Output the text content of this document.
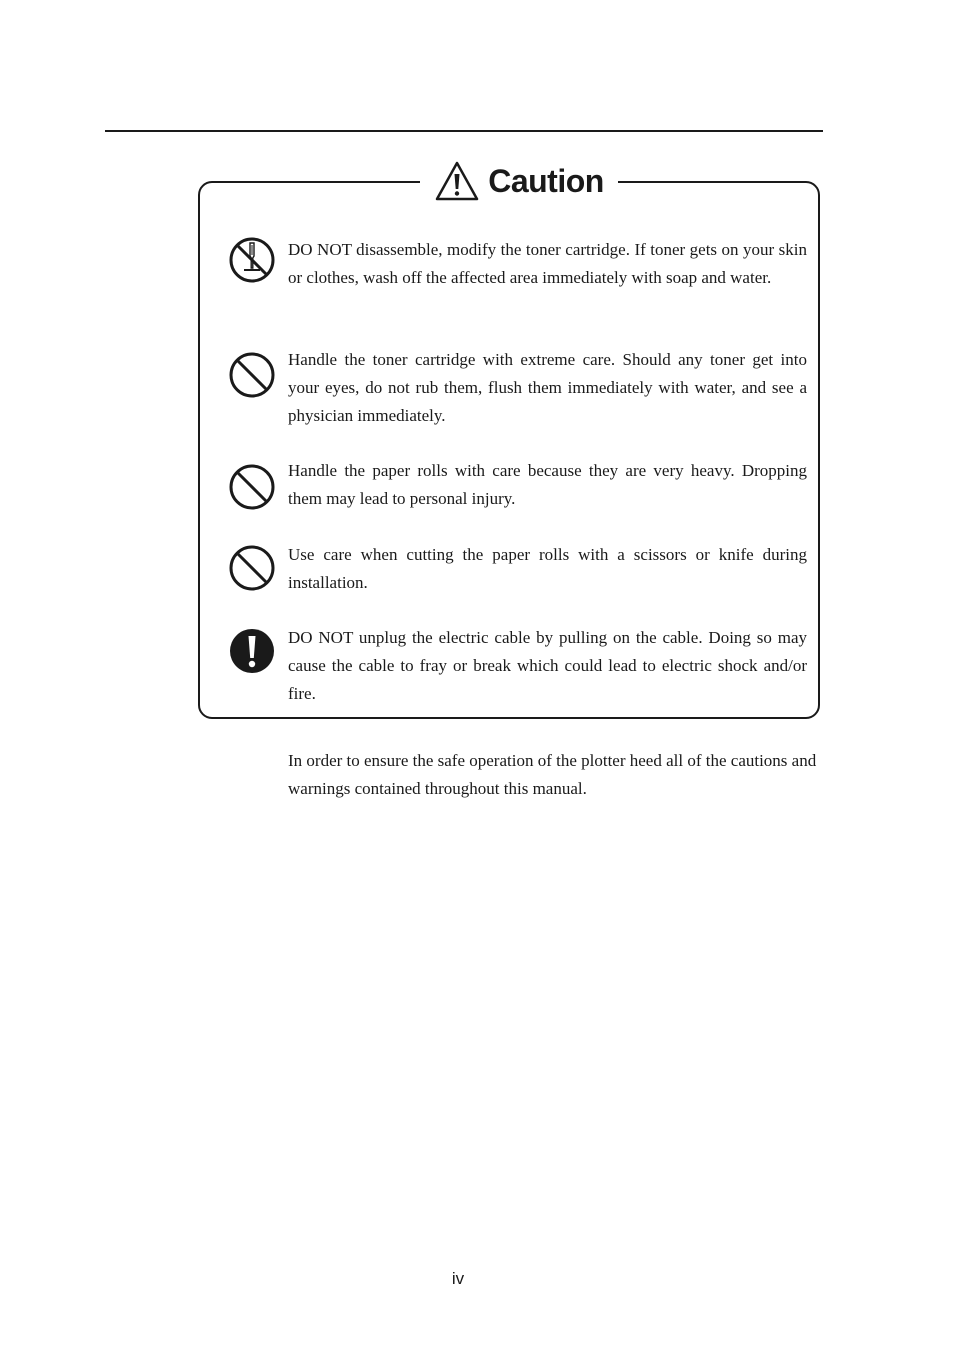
Caution
DO NOT disassemble, modify the toner cartridge. If toner gets on your skin or clothes, wash off the affected area immediately with soap and water.
Handle the toner cartridge with extreme care. Should any toner get into your eyes, do not rub them, flush them immediately with water, and see a physician immediately.
Handle the paper rolls with care because they are very heavy. Dropping them may lead to personal injury.
Use care when cutting the paper rolls with a scissors or knife during installation.
DO NOT unplug the electric cable by pulling on the cable. Doing so may cause the cable to fray or break which could lead to electric shock and/or fire.
In order to ensure the safe operation of the plotter heed all of the cautions and warnings contained throughout this manual.
iv
